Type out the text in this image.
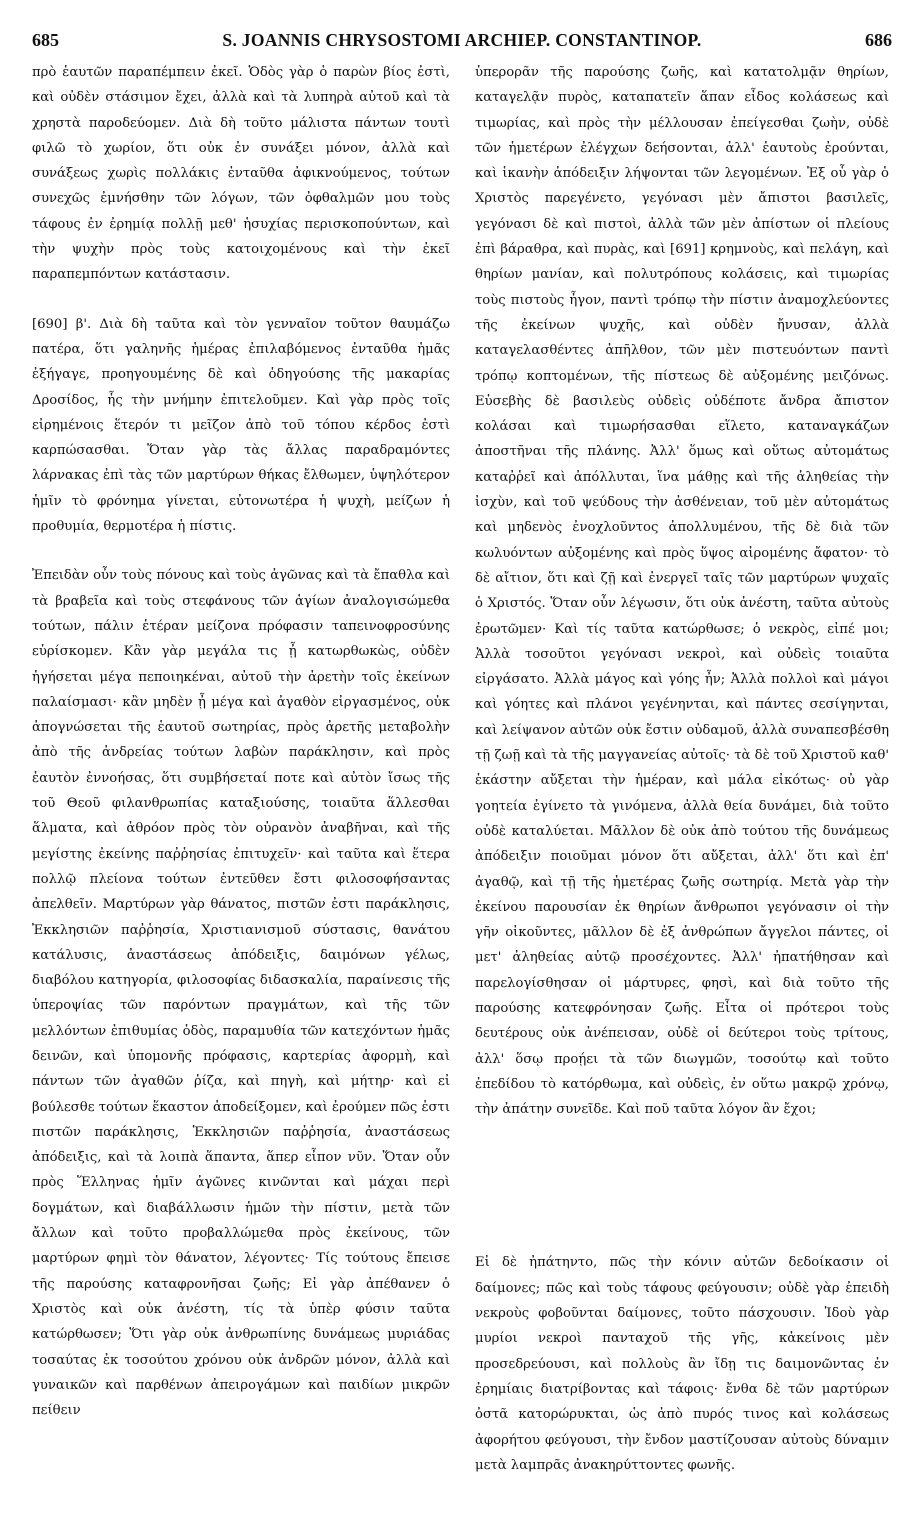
685	S. JOANNIS CHRYSOSTOMI ARCHIEP. CONSTANTINOP.	686

πρὸ ἑαυτῶν παραπέμπειν ἐκεῖ. Ὁδὸς γὰρ ὁ παρὼν βίος ἐστὶ, καὶ οὐδὲν στάσιμον ἔχει, ἀλλὰ καὶ τὰ λυπηρὰ αὐτοῦ καὶ τὰ χρηστὰ παροδεύομεν. Διὰ δὴ τοῦτο μάλιστα πάντων τουτὶ φιλῶ τὸ χωρίον, ὅτι οὐκ ἐν συνάξει μόνον, ἀλλὰ καὶ συνάξεως χωρὶς πολλάκις ἐνταῦθα ἀφικνούμενος, τούτων συνεχῶς ἐμνήσθην τῶν λόγων, τῶν ὀφθαλμῶν μου τοὺς τάφους ἐν ἐρημίᾳ πολλῇ μεθ' ἡσυχίας περισκοπούντων, καὶ τὴν ψυχὴν πρὸς τοὺς κατοιχομένους καὶ τὴν ἐκεῖ παραπεμπόντων κατάστασιν.

[690] β'. Διὰ δὴ ταῦτα καὶ τὸν γενναῖον τοῦτον θαυμάζω πατέρα, ὅτι γαληνῆς ἡμέρας ἐπιλαβόμενος ἐνταῦθα ἡμᾶς ἐξήγαγε, προηγουμένης δὲ καὶ ὁδηγούσης τῆς μακαρίας Δροσίδος, ἧς τὴν μνήμην ἐπιτελοῦμεν. Καὶ γὰρ πρὸς τοῖς εἰρημένοις ἕτερόν τι μεῖζον ἀπὸ τοῦ τόπου κέρδος ἐστὶ καρπώσασθαι. Ὅταν γὰρ τὰς ἄλλας παραδραμόντες λάρνακας ἐπὶ τὰς τῶν μαρτύρων θήκας ἔλθωμεν, ὑψηλότερον ἡμῖν τὸ φρόνημα γίνεται, εὐτονωτέρα ἡ ψυχὴ, μείζων ἡ προθυμία, θερμοτέρα ἡ πίστις.

Ἐπειδὰν οὖν τοὺς πόνους καὶ τοὺς ἀγῶνας καὶ τὰ ἔπαθλα καὶ τὰ βραβεῖα καὶ τοὺς στεφάνους τῶν ἁγίων ἀναλογισώμεθα τούτων, πάλιν ἑτέραν μείζονα πρόφασιν ταπεινοφροσύνης εὑρίσκομεν. Κἂν γὰρ μεγάλα τις ᾖ κατωρθωκὼς, οὐδὲν ἡγήσεται μέγα πεποιηκέναι, αὐτοῦ τὴν ἀρετὴν τοῖς ἐκείνων παλαίσμασι· κἂν μηδὲν ᾖ μέγα καὶ ἀγαθὸν εἰργασμένος, οὐκ ἀπογνώσεται τῆς ἑαυτοῦ σωτηρίας, πρὸς ἀρετῆς μεταβολὴν ἀπὸ τῆς ἀνδρείας τούτων λαβὼν παράκλησιν, καὶ πρὸς ἑαυτὸν ἐννοήσας, ὅτι συμβήσεταί ποτε καὶ αὐτὸν ἴσως τῆς τοῦ Θεοῦ φιλανθρωπίας καταξιούσης, τοιαῦτα ἅλλεσθαι ἅλματα, καὶ ἀθρόον πρὸς τὸν οὐρανὸν ἀναβῆναι, καὶ τῆς μεγίστης ἐκείνης παῤῥησίας ἐπιτυχεῖν· καὶ ταῦτα καὶ ἕτερα πολλῷ πλείονα τούτων ἐντεῦθεν ἔστι φιλοσοφήσαντας ἀπελθεῖν. Μαρτύρων γὰρ θάνατος, πιστῶν ἐστι παράκλησις, Ἐκκλησιῶν παῤῥησία, Χριστιανισμοῦ σύστασις, θανάτου κατάλυσις, ἀναστάσεως ἀπόδειξις, δαιμόνων γέλως, διαβόλου κατηγορία, φιλοσοφίας διδασκαλία, παραίνεσις τῆς ὑπεροψίας τῶν παρόντων πραγμάτων, καὶ τῆς τῶν μελλόντων ἐπιθυμίας ὁδὸς, παραμυθία τῶν κατεχόντων ἡμᾶς δεινῶν, καὶ ὑπομονῆς πρόφασις, καρτερίας ἀφορμὴ, καὶ πάντων τῶν ἀγαθῶν ῥίζα, καὶ πηγὴ, καὶ μήτηρ· καὶ εἰ βούλεσθε τούτων ἕκαστον ἀποδείξομεν, καὶ ἐρούμεν πῶς ἐστι πιστῶν παράκλησις, Ἐκκλησιῶν παῤῥησία, ἀναστάσεως ἀπόδειξις, καὶ τὰ λοιπὰ ἅπαντα, ἅπερ εἶπον νῦν. Ὅταν οὖν πρὸς Ἕλληνας ἡμῖν ἀγῶνες κινῶνται καὶ μάχαι περὶ δογμάτων, καὶ διαβάλλωσιν ἡμῶν τὴν πίστιν, μετὰ τῶν ἄλλων καὶ τοῦτο προβαλλώμεθα πρὸς ἐκείνους, τῶν μαρτύρων φημὶ τὸν θάνατον, λέγοντες· Τίς τούτους ἔπεισε τῆς παρούσης καταφρονῆσαι ζωῆς; Εἰ γὰρ ἀπέθανεν ὁ Χριστὸς καὶ οὐκ ἀνέστη, τίς τὰ ὑπὲρ φύσιν ταῦτα κατώρθωσεν; Ὅτι γὰρ οὐκ ἀνθρωπίνης δυνάμεως μυριάδας τοσαύτας ἐκ τοσούτου χρόνου οὐκ ἀνδρῶν μόνον, ἀλλὰ καὶ γυναικῶν καὶ παρθένων ἀπειρογάμων καὶ παιδίων μικρῶν πείθειν

ὑπερορᾶν τῆς παρούσης ζωῆς, καὶ κατατολμᾷν θηρίων, καταγελᾷν πυρὸς, καταπατεῖν ἅπαν εἶδος κολάσεως καὶ τιμωρίας, καὶ πρὸς τὴν μέλλουσαν ἐπείγεσθαι ζωὴν, οὐδὲ τῶν ἡμετέρων ἐλέγχων δεήσονται, ἀλλ' ἑαυτοὺς ἐρούνται, καὶ ἱκανὴν ἀπόδειξιν λήψονται τῶν λεγομένων. Ἐξ οὗ γὰρ ὁ Χριστὸς παρεγένετο, γεγόνασι μὲν ἄπιστοι βασιλεῖς, γεγόνασι δὲ καὶ πιστοὶ, ἀλλὰ τῶν μὲν ἀπίστων οἱ πλείους ἐπὶ βάραθρα, καὶ πυρὰς, καὶ [691] κρημνοὺς, καὶ πελάγη, καὶ θηρίων μανίαν, καὶ πολυτρόπους κολάσεις, καὶ τιμωρίας τοὺς πιστοὺς ἦγον, παντὶ τρόπῳ τὴν πίστιν ἀναμοχλεύοντες τῆς ἐκείνων ψυχῆς, καὶ οὐδὲν ἤνυσαν, ἀλλὰ καταγελασθέντες ἀπῆλθον, τῶν μὲν πιστευόντων παντὶ τρόπῳ κοπτομένων, τῆς πίστεως δὲ αὐξομένης μειζόνως. Εὐσεβὴς δὲ βασιλεὺς οὐδεὶς οὐδέποτε ἄνδρα ἄπιστον κολάσαι καὶ τιμωρήσασθαι εἵλετο, καταναγκάζων ἀποστῆναι τῆς πλάνης. Ἀλλ' ὅμως καὶ οὕτως αὐτομάτως καταῤῥεῖ καὶ ἀπόλλυται, ἵνα μάθῃς καὶ τῆς ἀληθείας τὴν ἰσχὺν, καὶ τοῦ ψεύδους τὴν ἀσθένειαν, τοῦ μὲν αὐτομάτως καὶ μηδενὸς ἐνοχλοῦντος ἀπολλυμένου, τῆς δὲ διὰ τῶν κωλυόντων αὐξομένης καὶ πρὸς ὕψος αἰρομένης ἄφατον· τὸ δὲ αἴτιον, ὅτι καὶ ζῇ καὶ ἐνεργεῖ ταῖς τῶν μαρτύρων ψυχαῖς ὁ Χριστός. Ὅταν οὖν λέγωσιν, ὅτι οὐκ ἀνέστη, ταῦτα αὐτοὺς ἐρωτῶμεν· Καὶ τίς ταῦτα κατώρθωσε; ὁ νεκρὸς, εἰπέ μοι; Ἀλλὰ τοσοῦτοι γεγόνασι νεκροὶ, καὶ οὐδεὶς τοιαῦτα εἰργάσατο. Ἀλλὰ μάγος καὶ γόης ἦν; Ἀλλὰ πολλοὶ καὶ μάγοι καὶ γόητες καὶ πλάνοι γεγένηνται, καὶ πάντες σεσίγηνται, καὶ λείψανον αὐτῶν οὐκ ἔστιν οὐδαμοῦ, ἀλλὰ συναπεσβέσθη τῇ ζωῇ καὶ τὰ τῆς μαγγανείας αὐτοῖς· τὰ δὲ τοῦ Χριστοῦ καθ' ἑκάστην αὔξεται τὴν ἡμέραν, καὶ μάλα εἰκότως· οὐ γὰρ γοητεία ἐγίνετο τὰ γινόμενα, ἀλλὰ θεία δυνάμει, διὰ τοῦτο οὐδὲ καταλύεται. Μᾶλλον δὲ οὐκ ἀπὸ τούτου τῆς δυνάμεως ἀπόδειξιν ποιοῦμαι μόνον ὅτι αὔξεται, ἀλλ' ὅτι καὶ ἐπ' ἀγαθῷ, καὶ τῇ τῆς ἡμετέρας ζωῆς σωτηρίᾳ. Μετὰ γὰρ τὴν ἐκείνου παρουσίαν ἐκ θηρίων ἄνθρωποι γεγόνασιν οἱ τὴν γῆν οἰκοῦντες, μᾶλλον δὲ ἐξ ἀνθρώπων ἄγγελοι πάντες, οἱ μετ' ἀληθείας αὐτῷ προσέχοντες. Ἀλλ' ἠπατήθησαν καὶ παρελογίσθησαν οἱ μάρτυρες, φησὶ, καὶ διὰ τοῦτο τῆς παρούσης κατεφρόνησαν ζωῆς. Εἶτα οἱ πρότεροι τοὺς δευτέρους οὐκ ἀνέπεισαν, οὐδὲ οἱ δεύτεροι τοὺς τρίτους, ἀλλ' ὅσῳ προῄει τὰ τῶν διωγμῶν, τοσούτῳ καὶ τοῦτο ἐπεδίδου τὸ κατόρθωμα, καὶ οὐδεὶς, ἐν οὕτω μακρῷ χρόνῳ, τὴν ἀπάτην συνεῖδε. Καὶ ποῦ ταῦτα λόγον ἂν ἔχοι;

Εἰ δὲ ἠπάτηντο, πῶς τὴν κόνιν αὐτῶν δεδοίκασιν οἱ δαίμονες; πῶς καὶ τοὺς τάφους φεύγουσιν; οὐδὲ γὰρ ἐπειδὴ νεκροὺς φοβοῦνται δαίμονες, τοῦτο πάσχουσιν. Ἰδοὺ γὰρ μυρίοι νεκροὶ πανταχοῦ τῆς γῆς, κἀκείνοις μὲν προσεδρεύουσι, καὶ πολλοὺς ἂν ἴδῃ τις δαιμονῶντας ἐν ἐρημίαις διατρίβοντας καὶ τάφοις· ἔνθα δὲ τῶν μαρτύρων ὀστᾶ κατορώρυκται, ὡς ἀπὸ πυρός τινος καὶ κολάσεως ἀφορήτου φεύγουσι, τὴν ἔνδον μαστίζουσαν αὐτοὺς δύναμιν μετὰ λαμπρᾶς ἀνακηρύττοντες φωνῆς.
